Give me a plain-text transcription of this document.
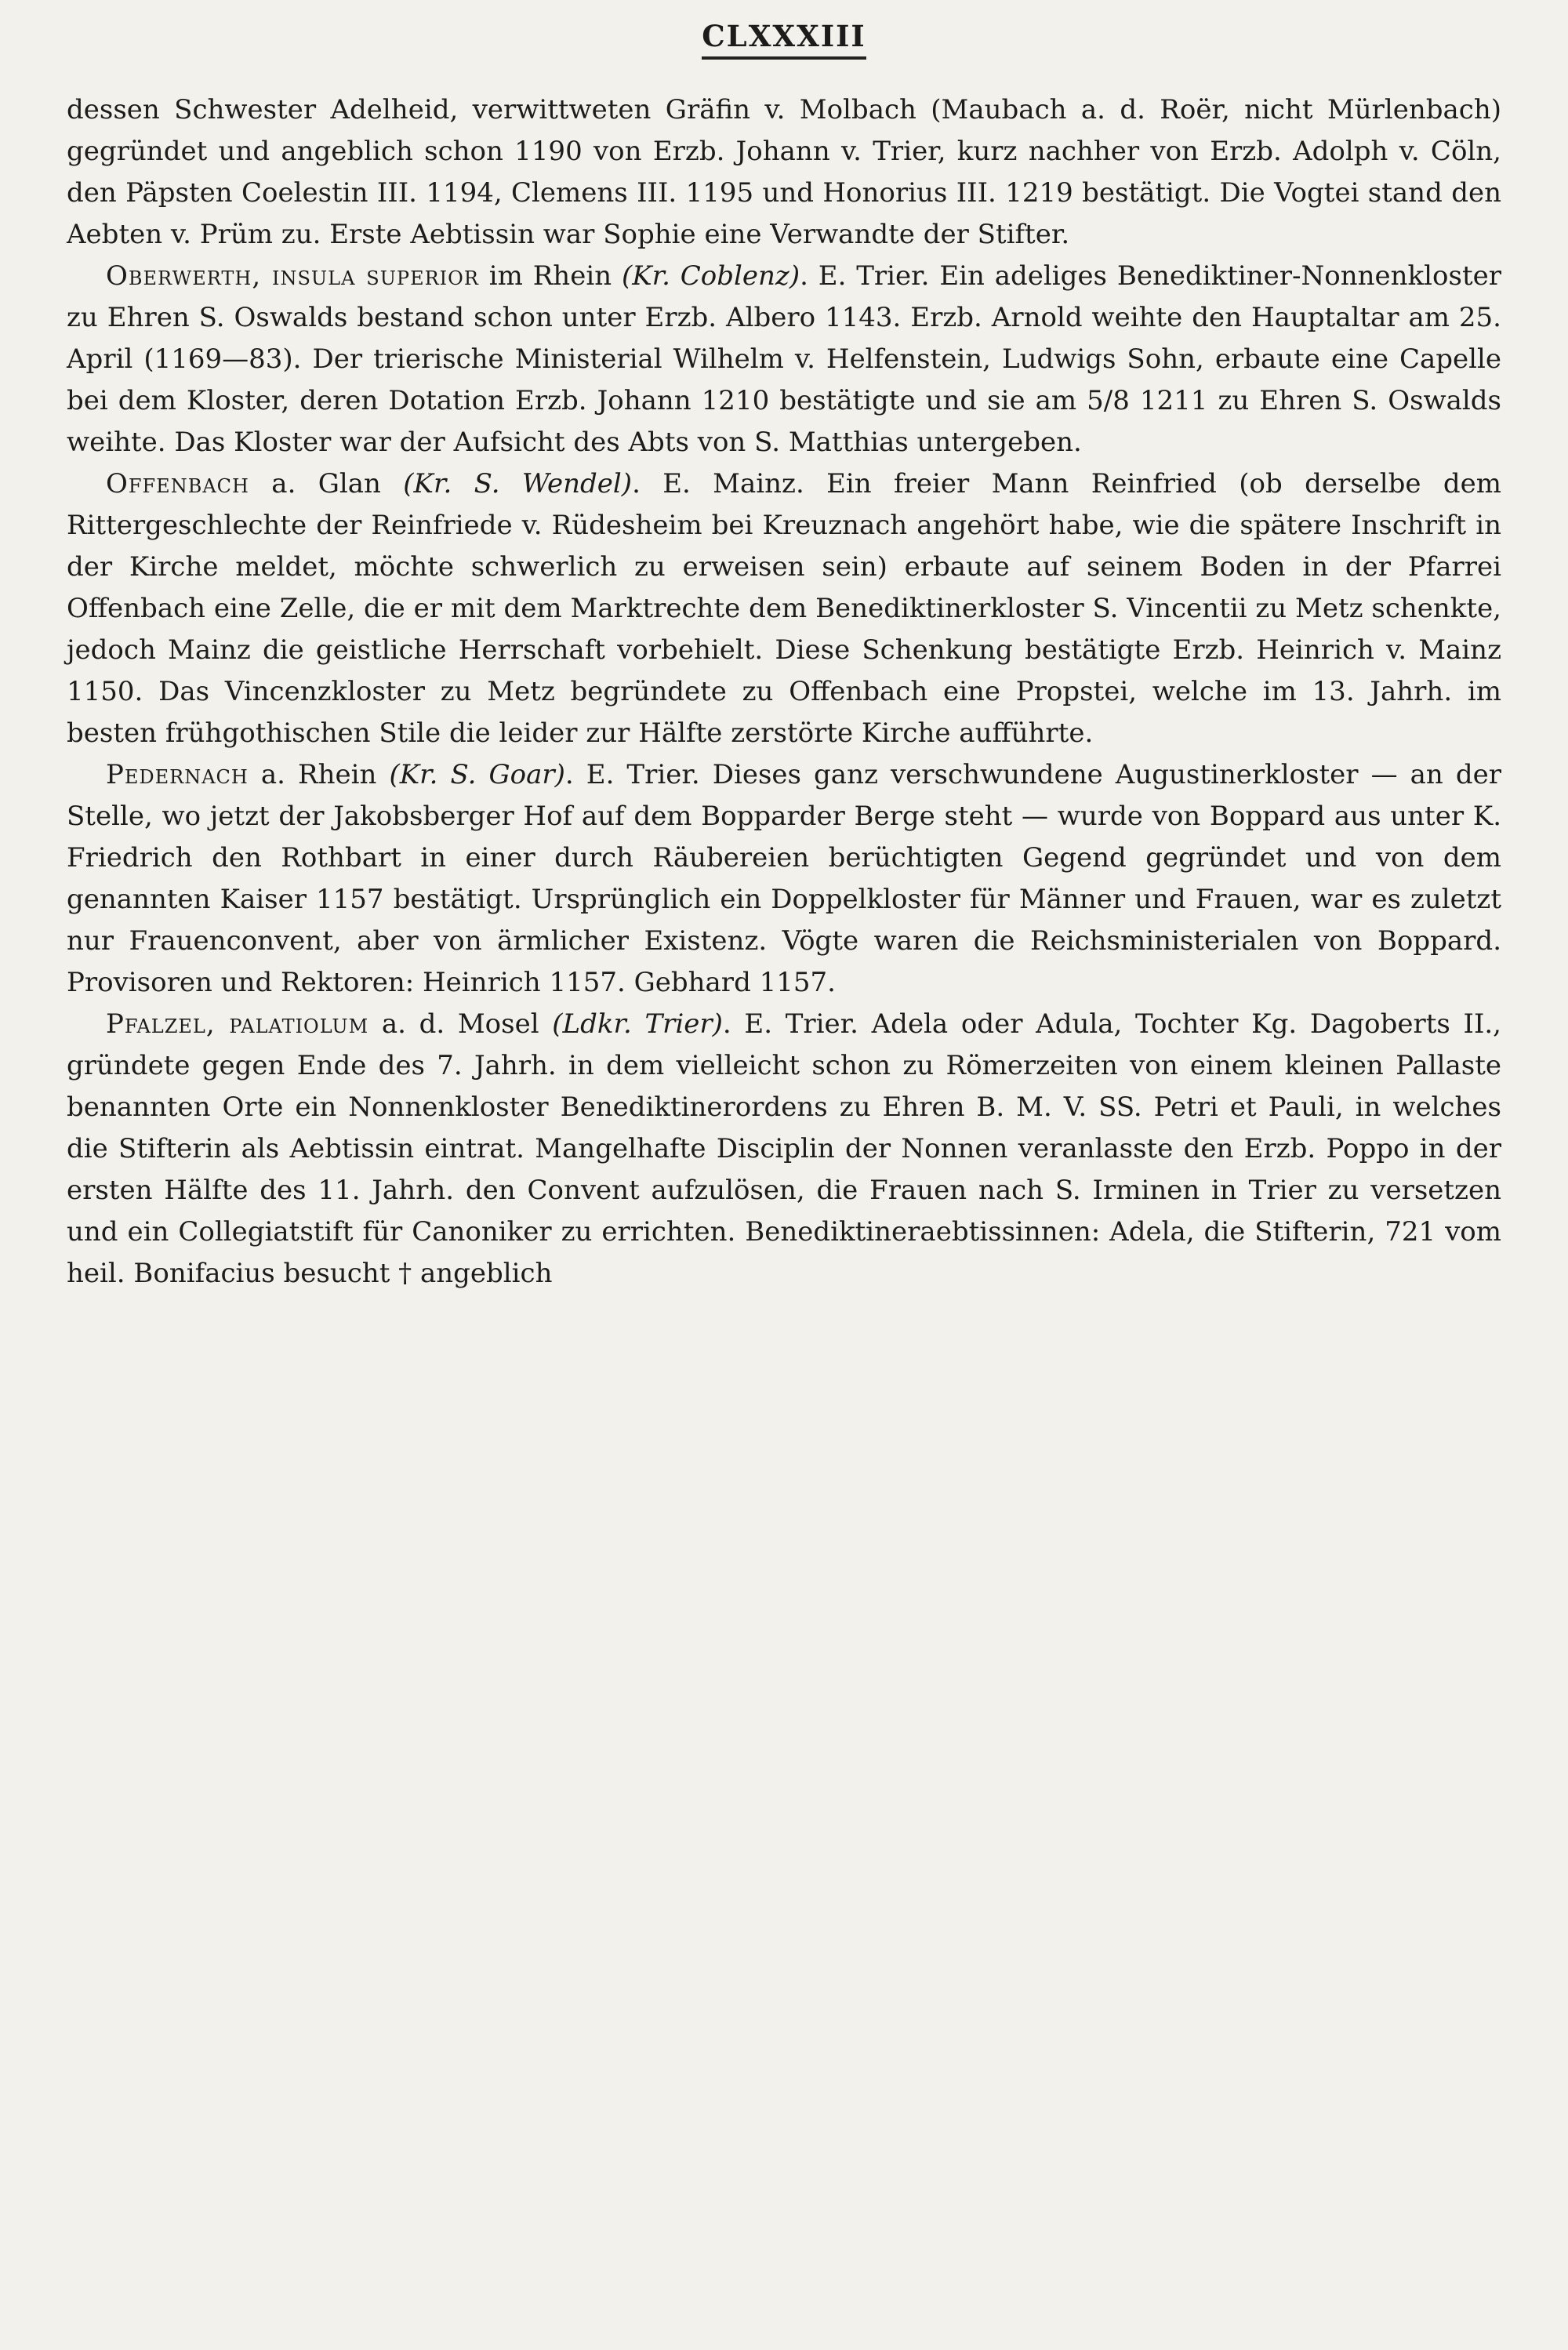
CLXXXIII

dessen Schwester Adelheid, verwittweten Gräfin v. Molbach (Maubach a. d. Roër, nicht Mürlenbach) gegründet und angeblich schon 1190 von Erzb. Johann v. Trier, kurz nachher von Erzb. Adolph v. Cöln, den Päpsten Coelestin III. 1194, Clemens III. 1195 und Honorius III. 1219 bestätigt. Die Vogtei stand den Aebten v. Prüm zu. Erste Aebtissin war Sophie eine Verwandte der Stifter.

Oberwerth, insula superior im Rhein (Kr. Coblenz). E. Trier. Ein adeliges Benediktiner-Nonnenkloster zu Ehren S. Oswalds bestand schon unter Erzb. Albero 1143. Erzb. Arnold weihte den Hauptaltar am 25. April (1169—83). Der trierische Ministerial Wilhelm v. Helfenstein, Ludwigs Sohn, erbaute eine Capelle bei dem Kloster, deren Dotation Erzb. Johann 1210 bestätigte und sie am 5/8 1211 zu Ehren S. Oswalds weihte. Das Kloster war der Aufsicht des Abts von S. Matthias untergeben.

Offenbach a. Glan (Kr. S. Wendel). E. Mainz. Ein freier Mann Reinfried (ob derselbe dem Rittergeschlechte der Reinfriede v. Rüdesheim bei Kreuznach angehört habe, wie die spätere Inschrift in der Kirche meldet, möchte schwerlich zu erweisen sein) erbaute auf seinem Boden in der Pfarrei Offenbach eine Zelle, die er mit dem Marktrechte dem Benediktinerkloster S. Vincentii zu Metz schenkte, jedoch Mainz die geistliche Herrschaft vorbehielt. Diese Schenkung bestätigte Erzb. Heinrich v. Mainz 1150. Das Vincenzkloster zu Metz begründete zu Offenbach eine Propstei, welche im 13. Jahrh. im besten frühgothischen Stile die leider zur Hälfte zerstörte Kirche aufführte.

Pedernach a. Rhein (Kr. S. Goar). E. Trier. Dieses ganz verschwundene Augustinerkloster — an der Stelle, wo jetzt der Jakobsberger Hof auf dem Bopparder Berge steht — wurde von Boppard aus unter K. Friedrich den Rothbart in einer durch Räubereien berüchtigten Gegend gegründet und von dem genannten Kaiser 1157 bestätigt. Ursprünglich ein Doppelkloster für Männer und Frauen, war es zuletzt nur Frauenconvent, aber von ärmlicher Existenz. Vögte waren die Reichsministerialen von Boppard. Provisoren und Rektoren: Heinrich 1157. Gebhard 1157.

Pfalzel, palatiolum a. d. Mosel (Ldkr. Trier). E. Trier. Adela oder Adula, Tochter Kg. Dagoberts II., gründete gegen Ende des 7. Jahrh. in dem vielleicht schon zu Römerzeiten von einem kleinen Pallaste benannten Orte ein Nonnenkloster Benediktinerordens zu Ehren B. M. V. SS. Petri et Pauli, in welches die Stifterin als Aebtissin eintrat. Mangelhafte Disciplin der Nonnen veranlasste den Erzb. Poppo in der ersten Hälfte des 11. Jahrh. den Convent aufzulösen, die Frauen nach S. Irminen in Trier zu versetzen und ein Collegiatstift für Canoniker zu errichten. Benediktineraebtissinnen: Adela, die Stifterin, 721 vom heil. Bonifacius besucht † angeblich
